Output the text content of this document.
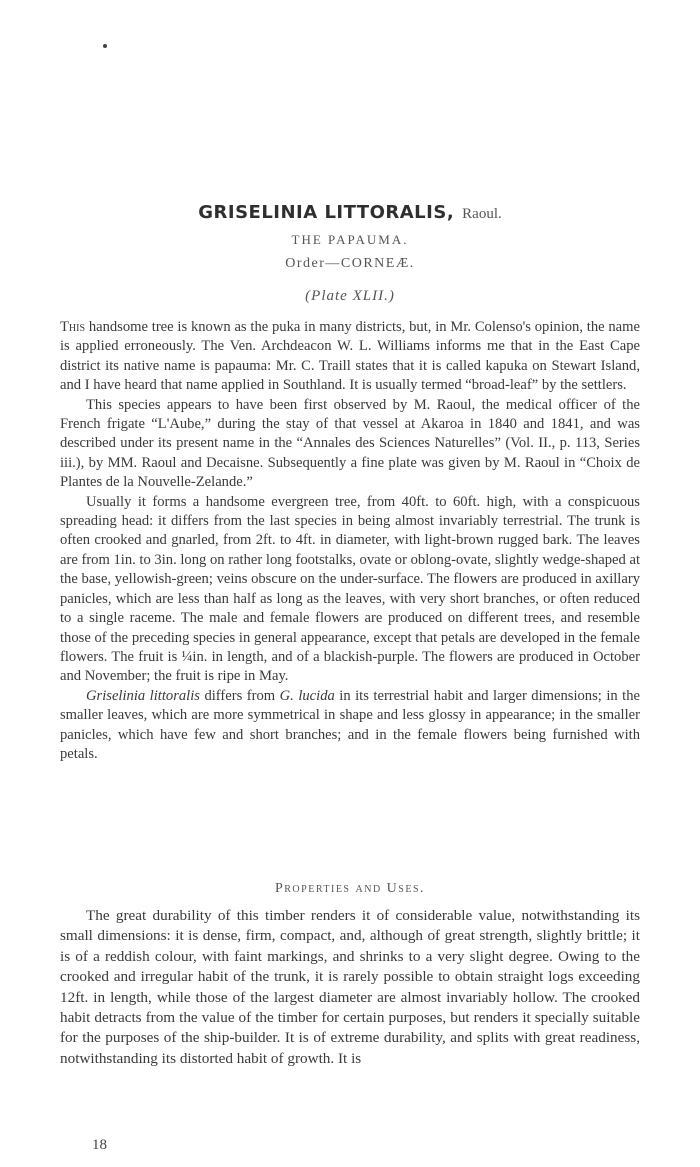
GRISELINIA LITTORALIS, Raoul.
THE PAPAUMA.
Order—CORNEÆ.
(Plate XLII.)

This handsome tree is known as the puka in many districts, but, in Mr. Colenso's opinion, the name is applied erroneously. The Ven. Archdeacon W. L. Williams informs me that in the East Cape district its native name is papauma: Mr. C. Traill states that it is called kapuka on Stewart Island, and I have heard that name applied in Southland. It is usually termed “broad-leaf” by the settlers.

This species appears to have been first observed by M. Raoul, the medical officer of the French frigate “L'Aube,” during the stay of that vessel at Akaroa in 1840 and 1841, and was described under its present name in the “Annales des Sciences Naturelles” (Vol. II., p. 113, Series iii.), by MM. Raoul and Decaisne. Subsequently a fine plate was given by M. Raoul in “Choix de Plantes de la Nouvelle-Zelande.”

Usually it forms a handsome evergreen tree, from 40ft. to 60ft. high, with a conspicuous spreading head: it differs from the last species in being almost invariably terrestrial. The trunk is often crooked and gnarled, from 2ft. to 4ft. in diameter, with light-brown rugged bark. The leaves are from 1in. to 3in. long on rather long footstalks, ovate or oblong-ovate, slightly wedge-shaped at the base, yellowish-green; veins obscure on the under-surface. The flowers are produced in axillary panicles, which are less than half as long as the leaves, with very short branches, or often reduced to a single raceme. The male and female flowers are produced on different trees, and resemble those of the preceding species in general appearance, except that petals are developed in the female flowers. The fruit is ¼in. in length, and of a blackish-purple. The flowers are produced in October and November; the fruit is ripe in May.

Griselinia littoralis differs from G. lucida in its terrestrial habit and larger dimensions; in the smaller leaves, which are more symmetrical in shape and less glossy in appearance; in the smaller panicles, which have few and short branches; and in the female flowers being furnished with petals.

Properties and Uses.

The great durability of this timber renders it of considerable value, notwithstanding its small dimensions: it is dense, firm, compact, and, although of great strength, slightly brittle; it is of a reddish colour, with faint markings, and shrinks to a very slight degree. Owing to the crooked and irregular habit of the trunk, it is rarely possible to obtain straight logs exceeding 12ft. in length, while those of the largest diameter are almost invariably hollow. The crooked habit detracts from the value of the timber for certain purposes, but renders it specially suitable for the purposes of the ship-builder. It is of extreme durability, and splits with great readiness, notwithstanding its distorted habit of growth. It is

18
